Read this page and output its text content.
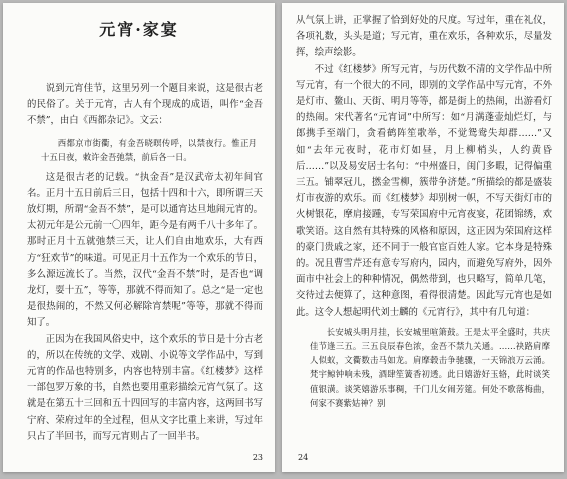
元宵·家宴

说到元宵佳节，这里另列一个题目来说，这是很古老的民俗了。关于元宵，古人有个现成的成语，叫作“金吾不禁”，由白《西都杂记》。文云：

西都京市街衢，有金吾晓暝传呼，以禁夜行。惟正月十五日夜，敕许金吾弛禁，前后各一日。

这是很古老的记载。“执金吾”是汉武帝太初年间官名。正月十五日前后三日，包括十四和十六，即所谓三天放灯期，所谓“金吾不禁”，是可以通宵达旦地闹元宵的。太初元年是公元前一〇四年，距今是有两千八十多年了。那时正月十五就弛禁三天，让人们自由地欢乐，大有西方“狂欢节”的味道。可见正月十五作为一个欢乐的节日，多么源远流长了。当然，汉代“金吾不禁”时，是否也“调龙灯，耍十五”，等等，那就不得而知了。总之“是一定也是很热闹的，不然又何必解除宵禁呢”等等，那就不得而知了。

正因为在我国风俗史中，这个欢乐的节日是十分古老的，所以在传统的文学、戏剧、小说等文学作品中，写到元宵的作品也特别多，内容也特别丰富。《红楼梦》这样一部包罗万象的书，自然也要用重彩描绘元宵气氛了。这就是在第五十三回和五十四回写的丰富内容，这两回书写宁府、荣府过年的全过程，但从文字比重上来讲，写过年只占了半回书，而写元宵则占了一回半书。

23

从气氛上讲，正掌握了恰到好处的尺度。写过年，重在礼仪，各项礼数，头头是道；写元宵，重在欢乐，各种欢乐，尽量发挥，绘声绘影。

不过《红楼梦》所写元宵，与历代数不清的文学作品中所写元宵，有一个很大的不同，即别的文学作品中写元宵，不外是灯市、鳌山、天街、明月等等，都是街上的热闹，出游看灯的热闹。宋代著名“元宵词”中所写：如“月满蓬壶灿烂灯，与郎携手至端门，贪看鹤阵笙歌举，不觉鸳鸯失却群……”又如“去年元夜时，花市灯如昼，月上柳梢头，人约黄昏后……”以及易安居士名句：“中州盛日，闺门多暇，记得偏重三五。铺翠冠儿，撚金雪柳，簇带争济楚。”所描绘的都是盛装灯市夜游的欢乐。而《红楼梦》却别树一帜，不写天街灯市的火树银花，摩肩接踵，专写荣国府中元宵夜宴，花团锦绣，欢歌笑语。这自然有其特殊的风格和原因，这正因为荣国府这样的豪门贵戚之家，还不同于一般官宦百姓人家。它本身是特殊的。况且曹雪芹还有意专写府内，园内，而避免写府外，因外面市中社会上的种种情况，偶然带到，也只略写，简单几笔，交待过去便算了，这种意图，看得很清楚。因此写元宵也是如此。这令人想起明代刘士麟的《元宵行》，其中有几句道：

长安城头明月挂，长安城里喧箫鼓。王是太平全盛时，共庆佳节逢三五。三五良辰春色浓，金吾不禁九关通。……袂路肩摩人似蚁，文衢数击马如龙。肩摩毂击争驰骤，一天锦浪万云涌。梵宇鲸钟响未残，酒肆笙簧香初透。此日嬉游好玉辂，此时谈笑值银潢。谈笑嬉游乐事稠，千门儿女闹芳筵。何处不歌落梅曲，何家不赛紫姑神？别
24
